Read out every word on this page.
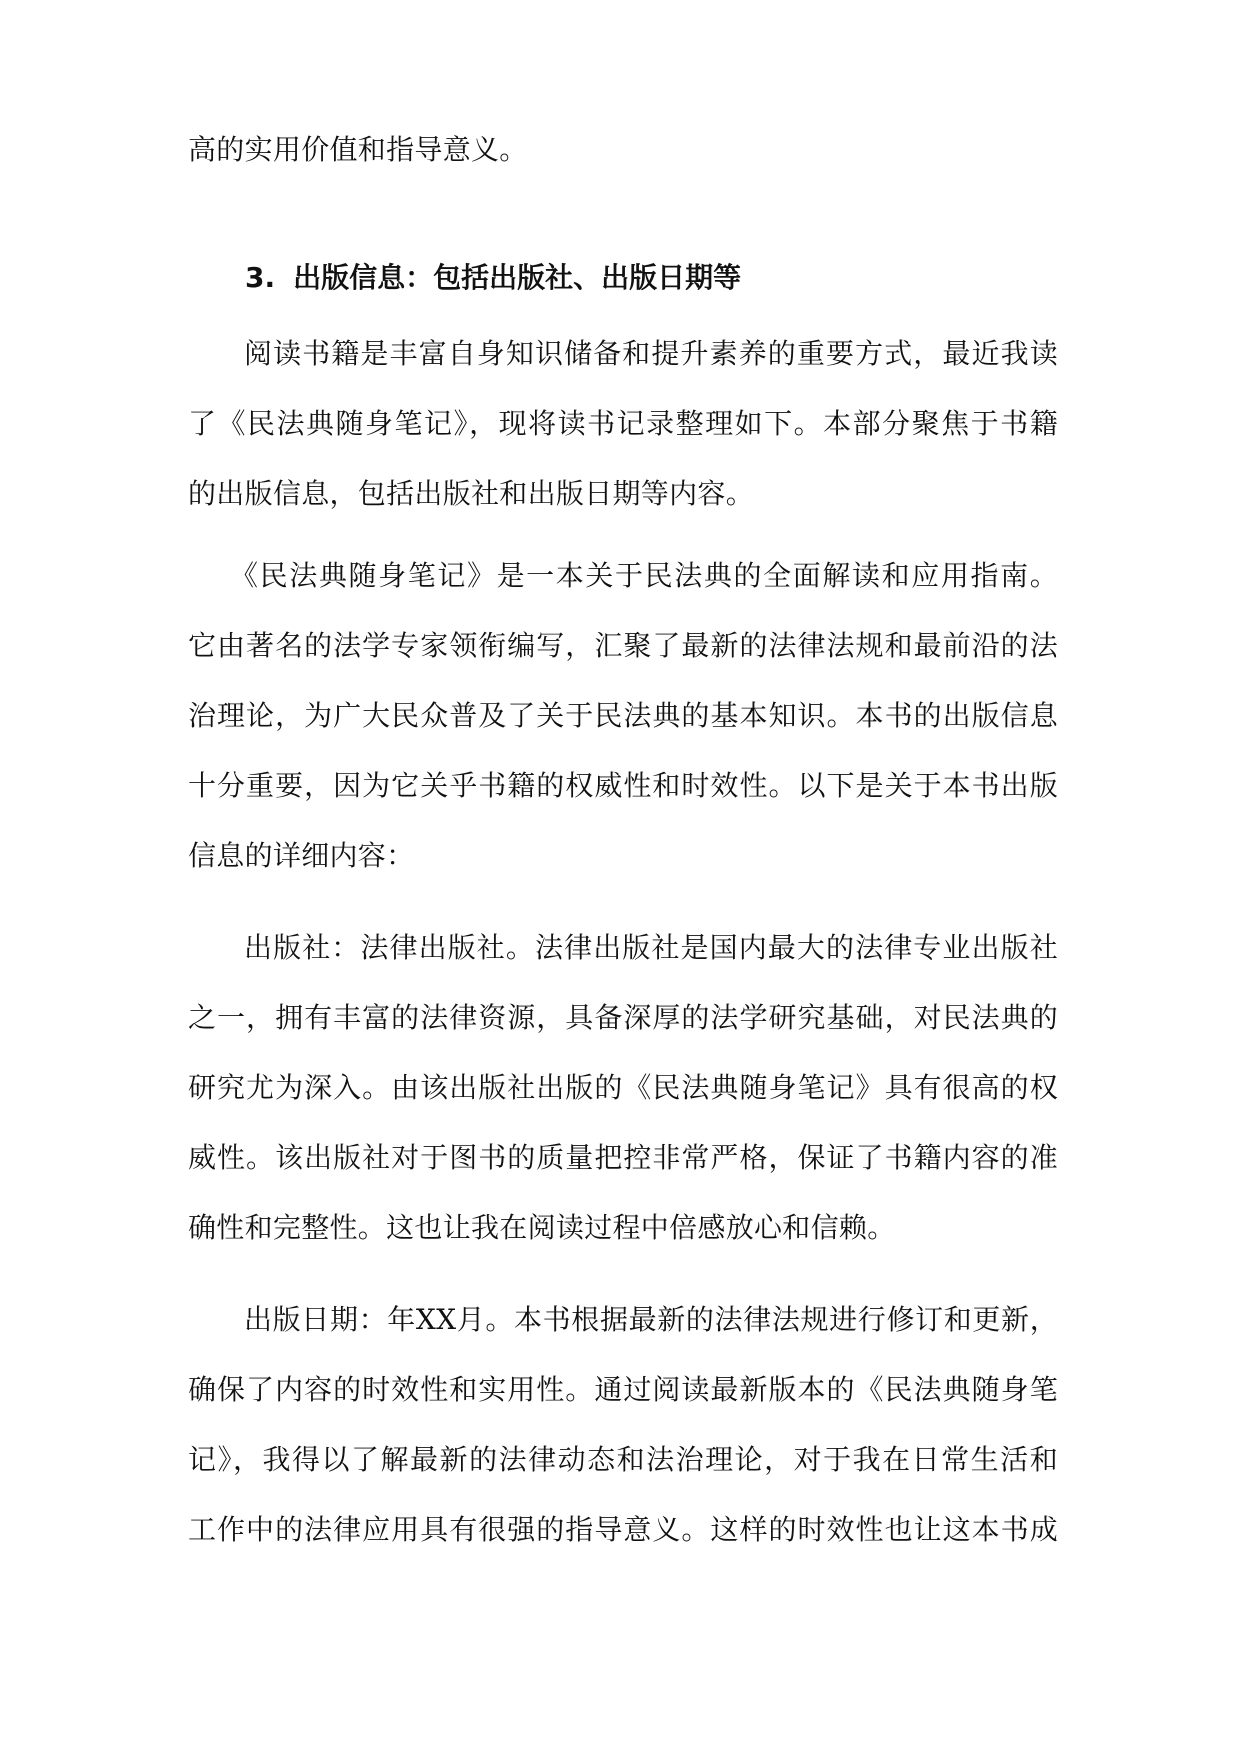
高的实用价值和指导意义。
3. 出版信息：包括出版社、出版日期等
阅读书籍是丰富自身知识储备和提升素养的重要方式，最近我读
了《民法典随身笔记》，现将读书记录整理如下。本部分聚焦于书籍
的出版信息，包括出版社和出版日期等内容。
《民法典随身笔记》是一本关于民法典的全面解读和应用指南。
它由著名的法学专家领衔编写，汇聚了最新的法律法规和最前沿的法
治理论，为广大民众普及了关于民法典的基本知识。本书的出版信息
十分重要，因为它关乎书籍的权威性和时效性。以下是关于本书出版
信息的详细内容：
出版社：法律出版社。法律出版社是国内最大的法律专业出版社
之一，拥有丰富的法律资源，具备深厚的法学研究基础，对民法典的
研究尤为深入。由该出版社出版的《民法典随身笔记》具有很高的权
威性。该出版社对于图书的质量把控非常严格，保证了书籍内容的准
确性和完整性。这也让我在阅读过程中倍感放心和信赖。
出版日期：年XX月。本书根据最新的法律法规进行修订和更新，
确保了内容的时效性和实用性。通过阅读最新版本的《民法典随身笔
记》，我得以了解最新的法律动态和法治理论，对于我在日常生活和
工作中的法律应用具有很强的指导意义。这样的时效性也让这本书成
